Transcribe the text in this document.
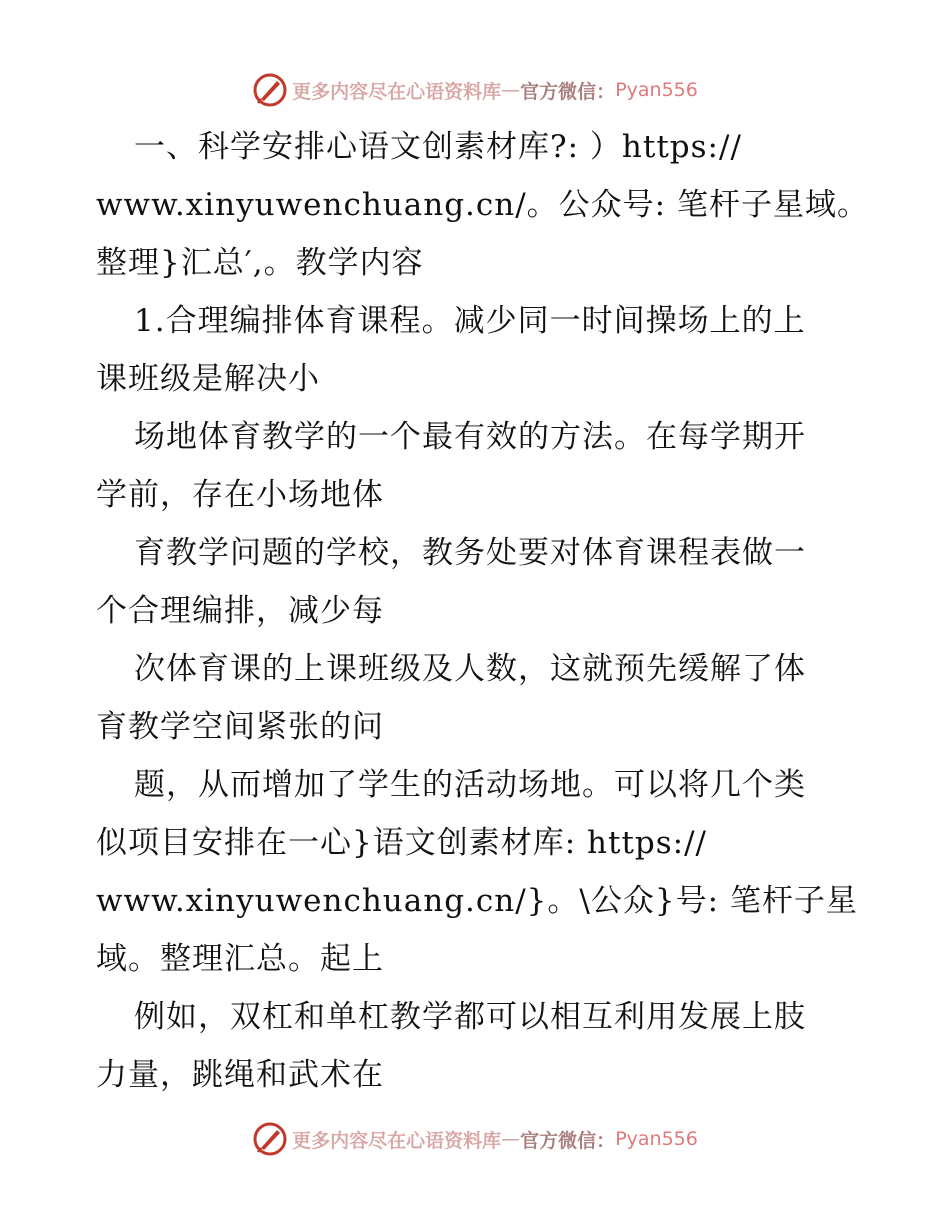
更多内容尽在心语资料库 — 官方微信 ： Pyan556
一、科学安排心语文创素材库?: ）https://
www.xinyuwenchuang.cn/。公众号: 笔杆子星域。
整理}汇总′,。教学内容
1.合理编排体育课程。减少同一时间操场上的上
课班级是解决小
场地体育教学的一个最有效的方法。在每学期开
学前，存在小场地体
育教学问题的学校，教务处要对体育课程表做一
个合理编排，减少每
次体育课的上课班级及人数，这就预先缓解了体
育教学空间紧张的问
题，从而增加了学生的活动场地。可以将几个类
似项目安排在一心}语文创素材库: https://
www.xinyuwenchuang.cn/}。\公众}号: 笔杆子星
域。整理汇总。起上
例如，双杠和单杠教学都可以相互利用发展上肢
力量，跳绳和武术在
更多内容尽在心语资料库 — 官方微信 ： Pyan556
